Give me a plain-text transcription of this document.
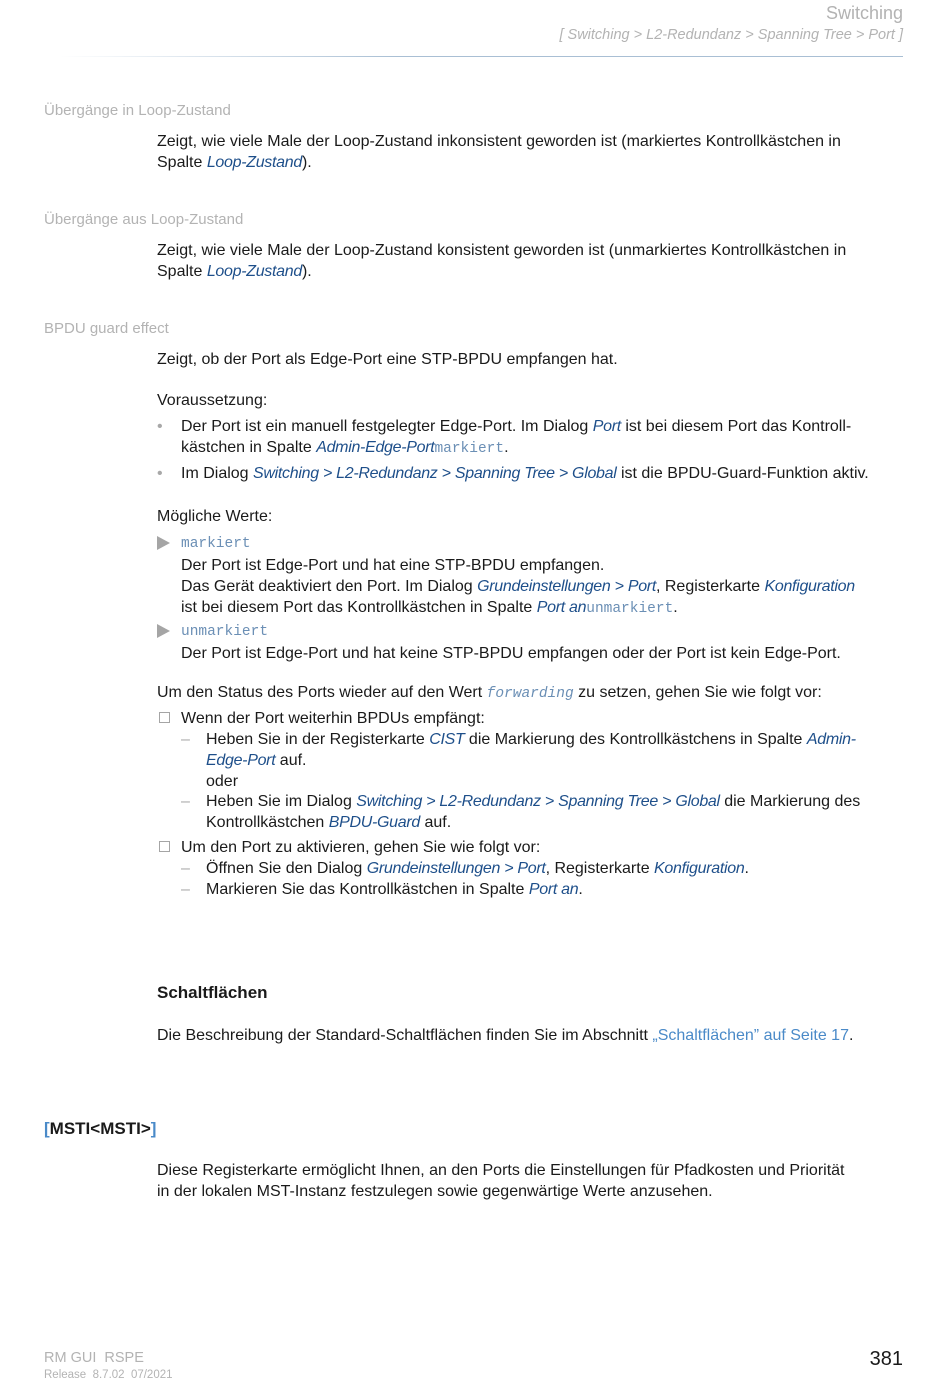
Switching
[ Switching > L2-Redundanz > Spanning Tree > Port ]
Übergänge in Loop-Zustand
Zeigt, wie viele Male der Loop-Zustand inkonsistent geworden ist (markiertes Kontrollkästchen in
Spalte Loop-Zustand).
Übergänge aus Loop-Zustand
Zeigt, wie viele Male der Loop-Zustand konsistent geworden ist (unmarkiertes Kontrollkästchen in
Spalte Loop-Zustand).
BPDU guard effect
Zeigt, ob der Port als Edge-Port eine STP-BPDU empfangen hat.
Voraussetzung:
• Der Port ist ein manuell festgelegter Edge-Port. Im Dialog Port ist bei diesem Port das Kontroll-
kästchen in Spalte Admin-Edge-Portmarkiert.
• Im Dialog Switching > L2-Redundanz > Spanning Tree > Global ist die BPDU-Guard-Funktion aktiv.
Mögliche Werte:
markiert
Der Port ist Edge-Port und hat eine STP-BPDU empfangen.
Das Gerät deaktiviert den Port. Im Dialog Grundeinstellungen > Port, Registerkarte Konfiguration
ist bei diesem Port das Kontrollkästchen in Spalte Port anunmarkiert.
unmarkiert
Der Port ist Edge-Port und hat keine STP-BPDU empfangen oder der Port ist kein Edge-Port.
Um den Status des Ports wieder auf den Wert forwarding zu setzen, gehen Sie wie folgt vor:
Wenn der Port weiterhin BPDUs empfängt:
– Heben Sie in der Registerkarte CIST die Markierung des Kontrollkästchens in Spalte Admin-
Edge-Port auf.
oder
– Heben Sie im Dialog Switching > L2-Redundanz > Spanning Tree > Global die Markierung des
Kontrollkästchen BPDU-Guard auf.
Um den Port zu aktivieren, gehen Sie wie folgt vor:
– Öffnen Sie den Dialog Grundeinstellungen > Port, Registerkarte Konfiguration.
– Markieren Sie das Kontrollkästchen in Spalte Port an.
Schaltflächen
Die Beschreibung der Standard-Schaltflächen finden Sie im Abschnitt „Schaltflächen” auf Seite 17.
[MSTI<MSTI>]
Diese Registerkarte ermöglicht Ihnen, an den Ports die Einstellungen für Pfadkosten und Priorität
in der lokalen MST-Instanz festzulegen sowie gegenwärtige Werte anzusehen.
RM GUI  RSPE
Release  8.7.02  07/2021
381
